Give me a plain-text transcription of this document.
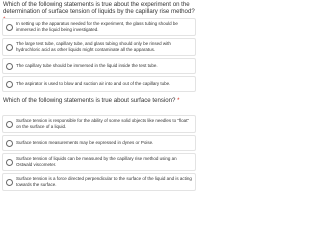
Which of the following statements is true about the experiment on the determination of surface tension of liquids by the capillary rise method?

In setting up the apparatus needed for the experiment, the glass tubing should be immersed in the liquid being investigated.
The large test tube, capillary tube, and glass tubing should only be rinsed with hydrochloric acid as other liquids might contaminate all the apparatus.
The capillary tube should be immersed in the liquid inside the test tube.
The aspirator is used to blow and suction air into and out of the capillary tube.

Which of the following statements is true about surface tension? *

Surface tension is responsible for the ability of some solid objects like needles to "float" on the surface of a liquid.
Surface tension measurements may be expressed in dynes or Poise.
Surface tension of liquids can be measured by the capillary rise method using an Ostwald viscometer.
Surface tension is a force directed perpendicular to the surface of the liquid and is acting towards the surface.
